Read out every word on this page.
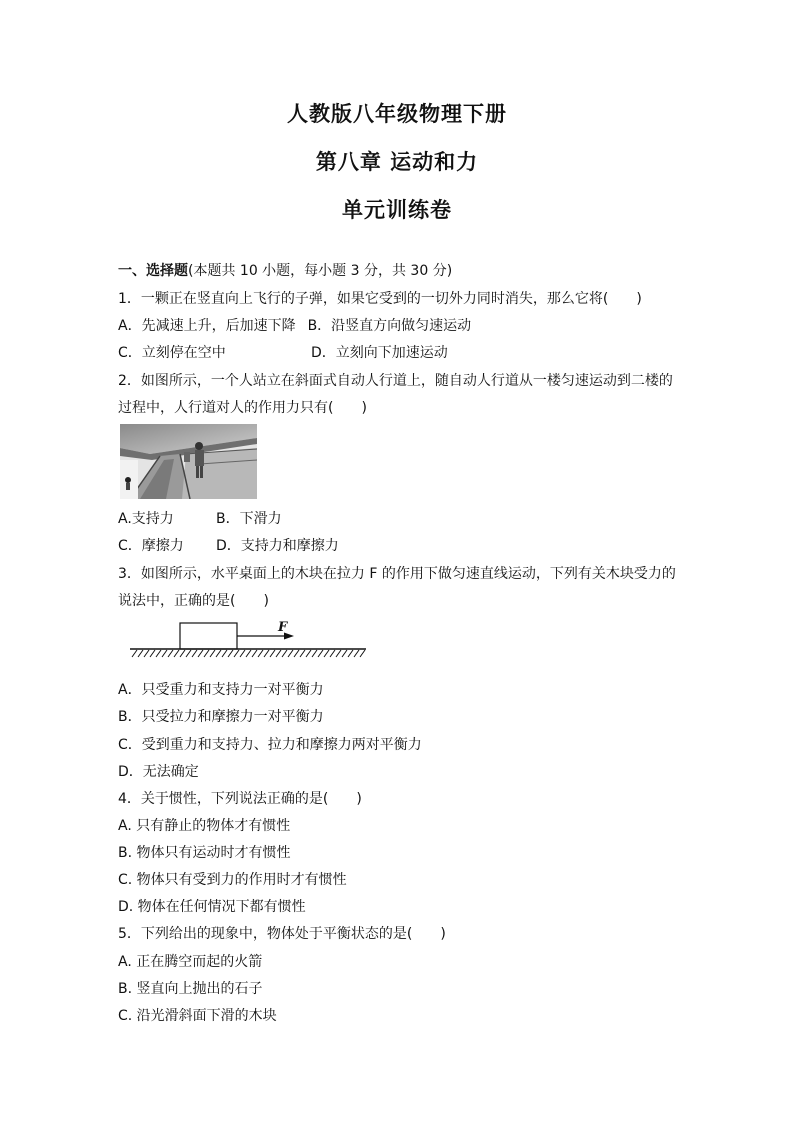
人教版八年级物理下册
第八章 运动和力
单元训练卷
一、选择题(本题共 10 小题，每小题 3 分，共 30 分)
1．一颗正在竖直向上飞行的子弹，如果它受到的一切外力同时消失，那么它将(　　)
A．先减速上升，后加速下降 B．沿竖直方向做匀速运动
C．立刻停在空中	D．立刻向下加速运动
2．如图所示，一个人站立在斜面式自动人行道上，随自动人行道从一楼匀速运动到二楼的
过程中，人行道对人的作用力只有(　　)
A.支持力	B．下滑力
C．摩擦力 D．支持力和摩擦力
3．如图所示，水平桌面上的木块在拉力 F 的作用下做匀速直线运动，下列有关木块受力的
说法中，正确的是(　　)
F
A．只受重力和支持力一对平衡力
B．只受拉力和摩擦力一对平衡力
C．受到重力和支持力、拉力和摩擦力两对平衡力
D．无法确定
4．关于惯性，下列说法正确的是(　　)
A. 只有静止的物体才有惯性
B. 物体只有运动时才有惯性
C. 物体只有受到力的作用时才有惯性
D. 物体在任何情况下都有惯性
5．下列给出的现象中，物体处于平衡状态的是(　　)
A. 正在腾空而起的火箭
B. 竖直向上抛出的石子
C. 沿光滑斜面下滑的木块
